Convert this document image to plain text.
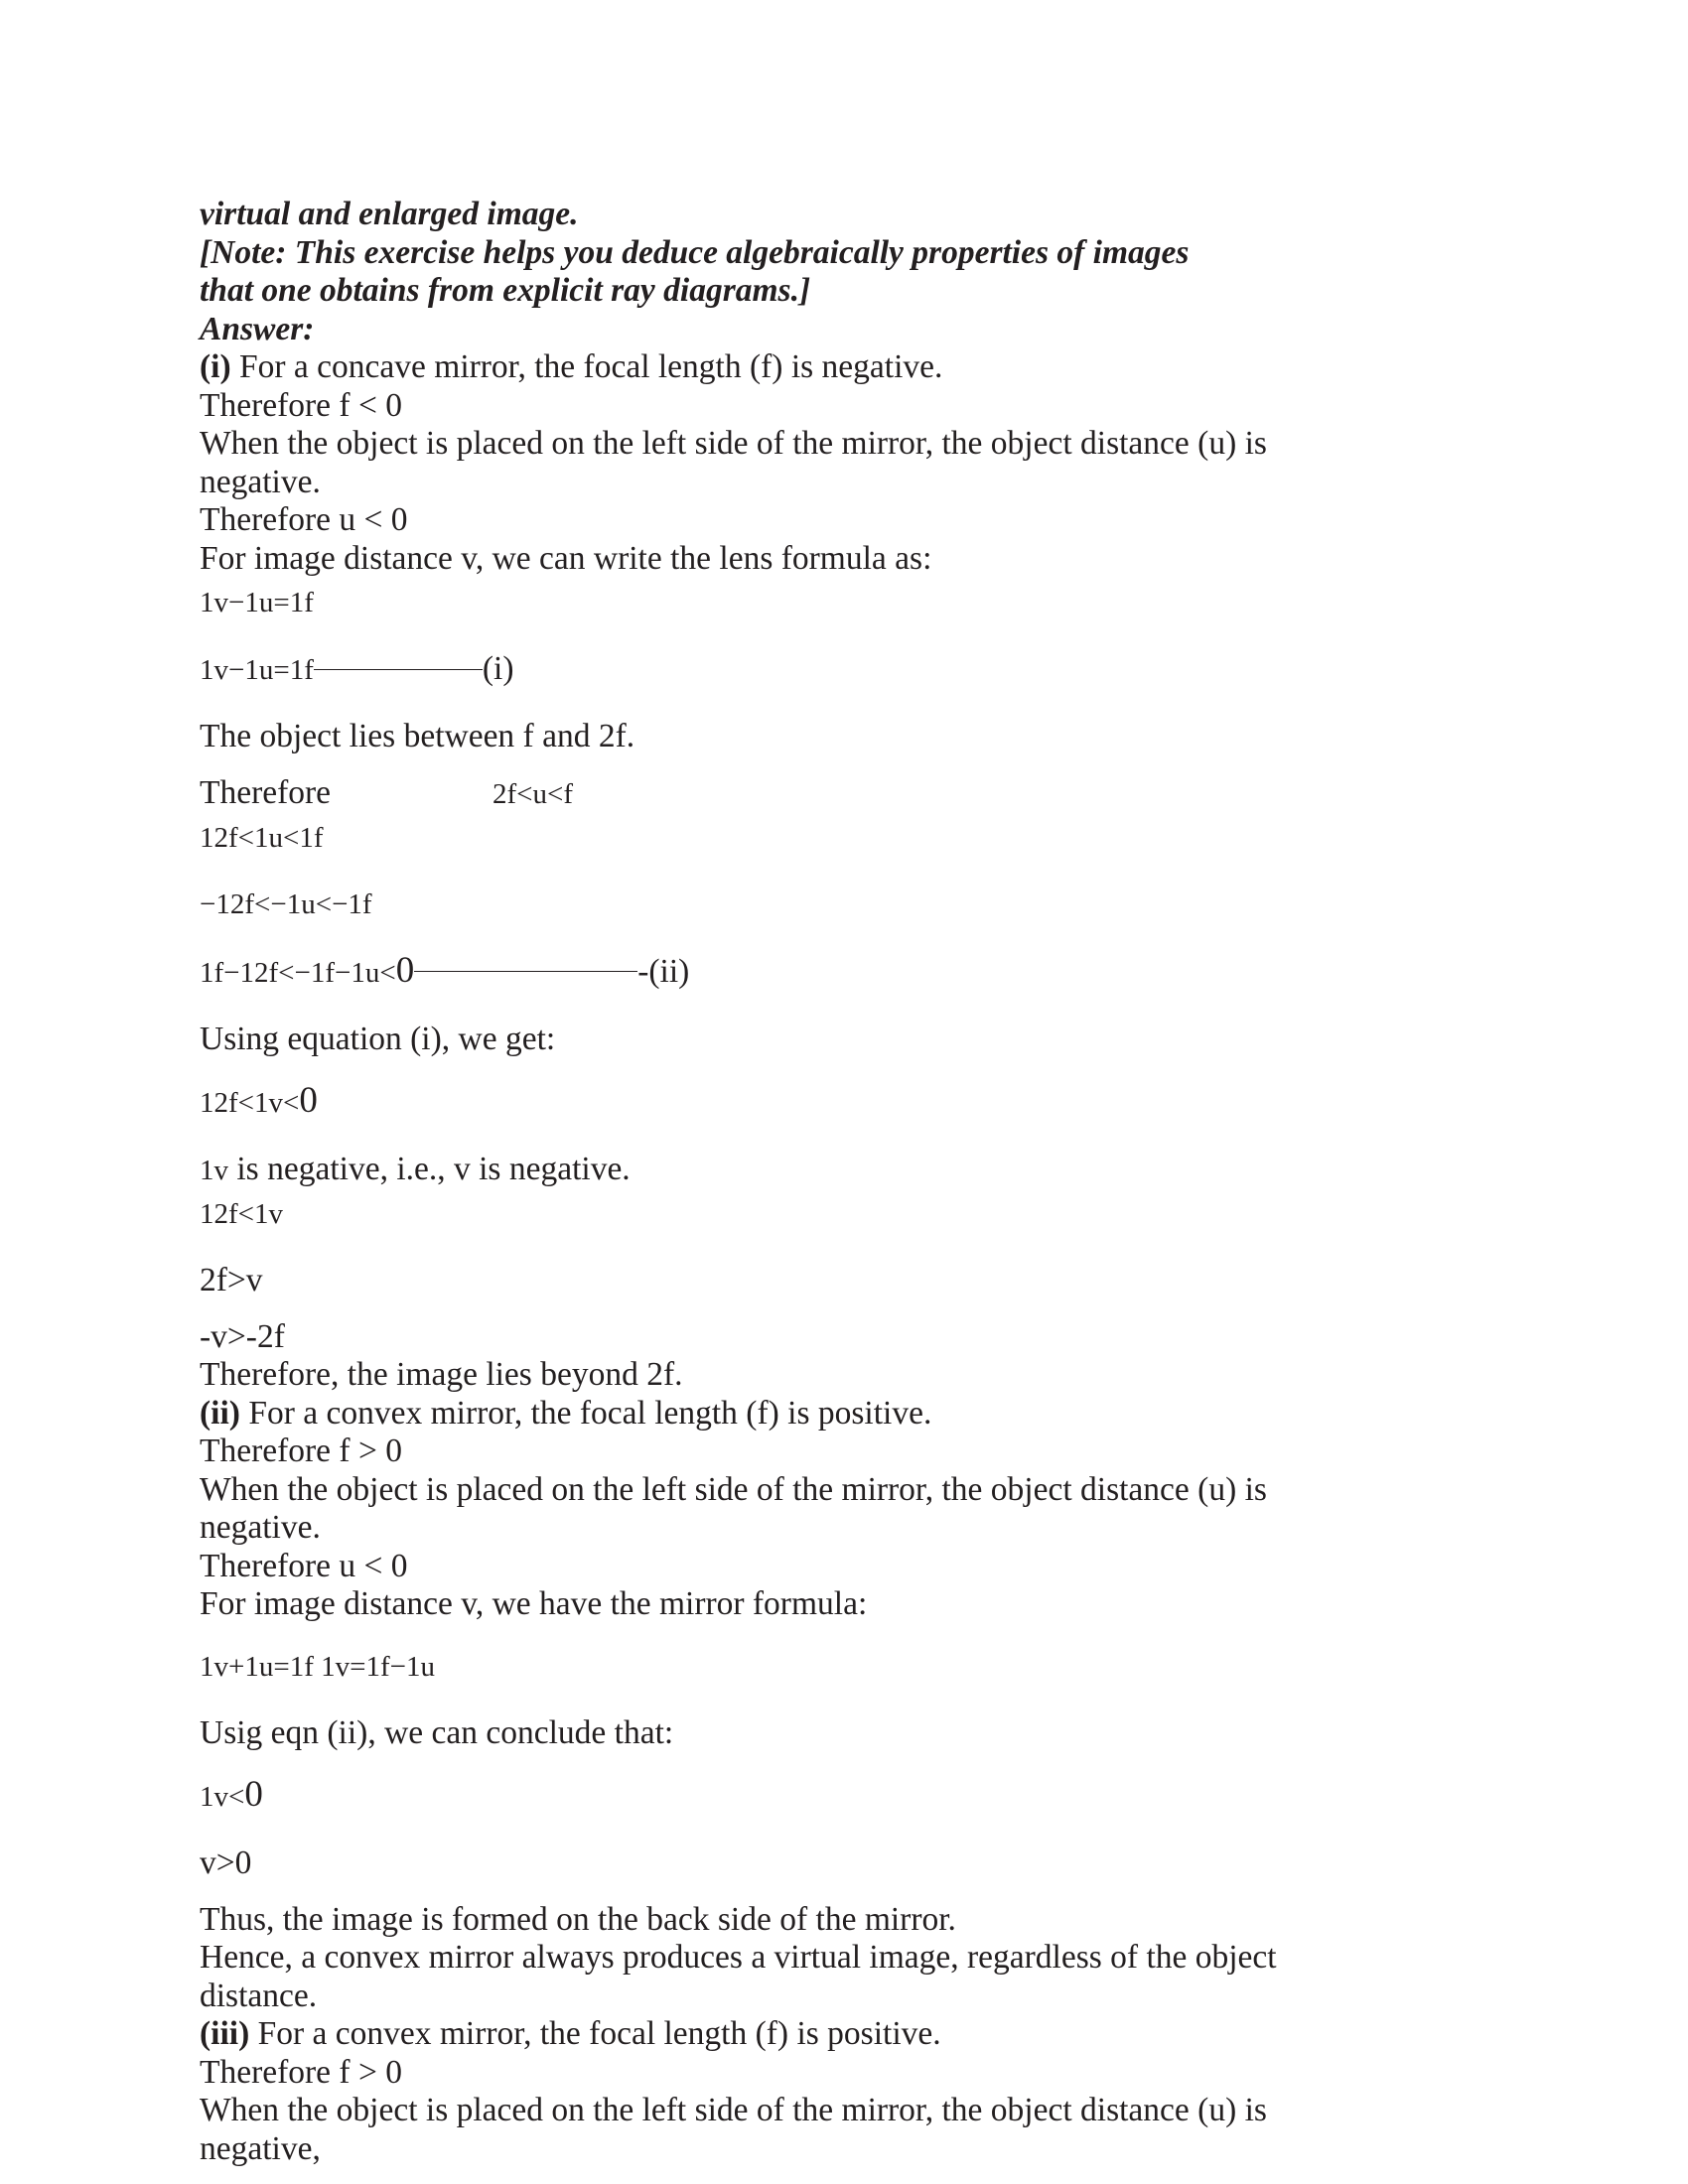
virtual and enlarged image.

[Note: This exercise helps you deduce algebraically properties of images

that one obtains from explicit ray diagrams.]

Answer:

(i) For a concave mirror, the focal length (f) is negative.

Therefore f < 0

When the object is placed on the left side of the mirror, the object distance (u) is

negative.

Therefore u < 0

For image distance v, we can write the lens formula as:

1v−1u=1f

1v−1u=1f	(i)

The object lies between f and 2f.

Therefore	2f<u<f

12f<1u<1f

−12f<−1u<−1f

1f−12f<−1f−1u<0	-(ii)

Using equation (i), we get:

12f<1v<0

1v is negative, i.e., v is negative.

12f<1v

2f>v

-v>-2f

Therefore, the image lies beyond 2f.

(ii) For a convex mirror, the focal length (f) is positive.

Therefore f > 0

When the object is placed on the left side of the mirror, the object distance (u) is

negative.

Therefore u < 0

For image distance v, we have the mirror formula:

1v+1u=1f 1v=1f−1u

Usig eqn (ii), we can conclude that:

1v<0

v>0

Thus, the image is formed on the back side of the mirror.

Hence, a convex mirror always produces a virtual image, regardless of the object

distance.

(iii) For a convex mirror, the focal length (f) is positive.

Therefore f > 0

When the object is placed on the left side of the mirror, the object distance (u) is

negative,
